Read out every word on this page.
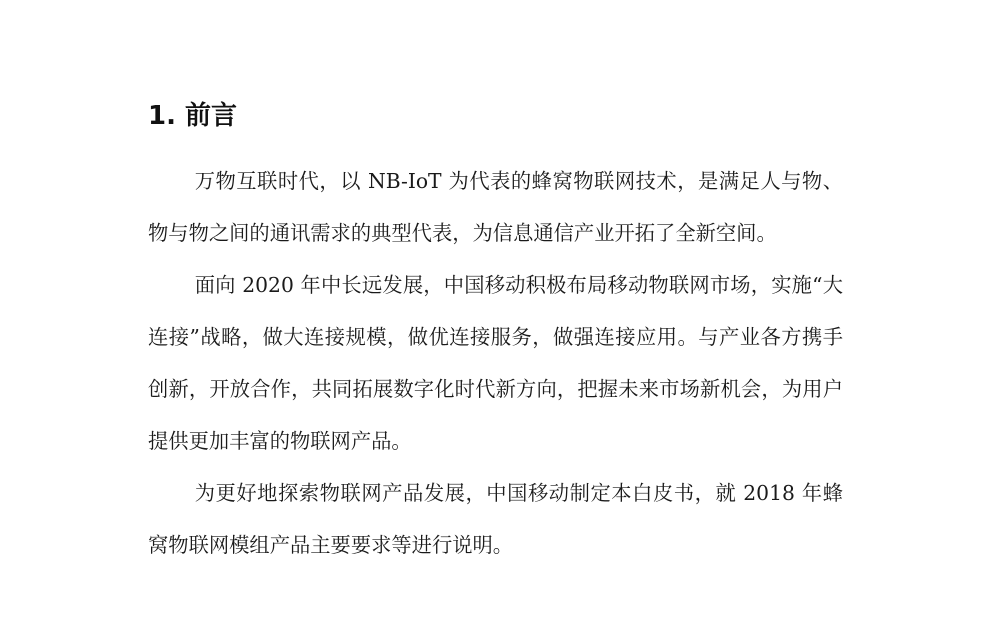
1. 前言

万物互联时代，以 NB-IoT 为代表的蜂窝物联网技术，是满足人与物、物与物之间的通讯需求的典型代表，为信息通信产业开拓了全新空间。

面向 2020 年中长远发展，中国移动积极布局移动物联网市场，实施“大连接”战略，做大连接规模，做优连接服务，做强连接应用。与产业各方携手创新，开放合作，共同拓展数字化时代新方向，把握未来市场新机会，为用户提供更加丰富的物联网产品。

为更好地探索物联网产品发展，中国移动制定本白皮书，就 2018 年蜂窝物联网模组产品主要要求等进行说明。
